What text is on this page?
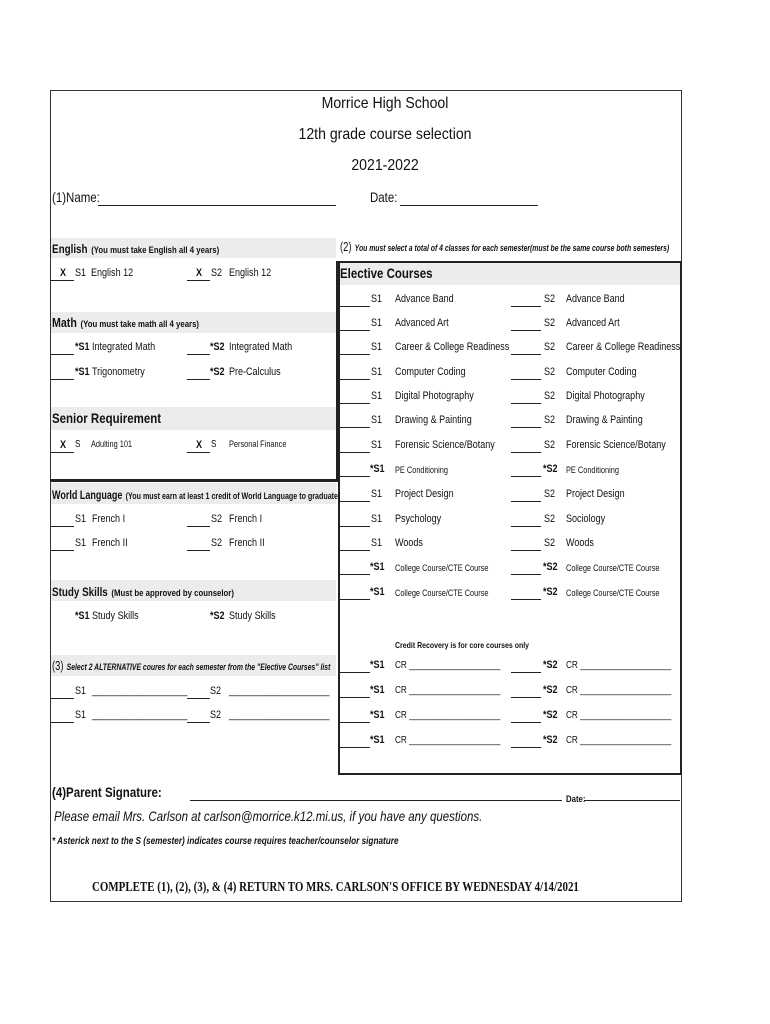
Morrice High School
12th grade course selection
2021-2022
(1)Name:	Date:
English (You must take English all 4 years)	(2) You must select a total of 4 classes for each semester(must be the same course both semesters)
Elective Courses
Math (You must take math all 4 years)
Senior Requirement
World Language (You must earn at least 1 credit of World Language to graduate)
Study Skills (Must be approved by counselor)
(3) Select 2 ALTERNATIVE coures for each semester from the "Elective Courses" list
Credit Recovery is for core courses only
(4)Parent Signature:	Date:
Please email Mrs. Carlson at carlson@morrice.k12.mi.us, if you have any questions.
* Asterick next to the S (semester) indicates course requires teacher/counselor signature
COMPLETE (1), (2), (3), & (4) RETURN TO MRS. CARLSON'S OFFICE BY WEDNESDAY 4/14/2021
X S1 English 12	X S2 English 12
*S1 Integrated Math	*S2 Integrated Math
*S1 Trigonometry	*S2 Pre-Calculus
X S Adulting 101	X S Personal Finance
S1 French I	S2 French I
S1 French II	S2 French II
*S1 Study Skills	*S2 Study Skills
S1 ___________________	S2 ____________________
S1 ___________________	S2 ____________________
S1 Advance Band	S2 Advance Band
S1 Advanced Art	S2 Advanced Art
S1 Career & College Readiness	S2 Career & College Readiness
S1 Computer Coding	S2 Computer Coding
S1 Digital Photography	S2 Digital Photography
S1 Drawing & Painting	S2 Drawing & Painting
S1 Forensic Science/Botany	S2 Forensic Science/Botany
*S1	PE Conditioning	*S2 PE Conditioning
S1 Project Design	S2 Project Design
S1 Psychology	S2 Sociology
S1 Woods	S2 Woods
*S1	College Course/CTE Course	*S2 College Course/CTE Course
*S1	College Course/CTE Course	*S2 College Course/CTE Course
*S1	CR ____________________	*S2 CR ____________________
*S1	CR ____________________	*S2 CR ____________________
*S1	CR ____________________	*S2 CR ____________________
*S1	CR ____________________	*S2 CR ____________________
